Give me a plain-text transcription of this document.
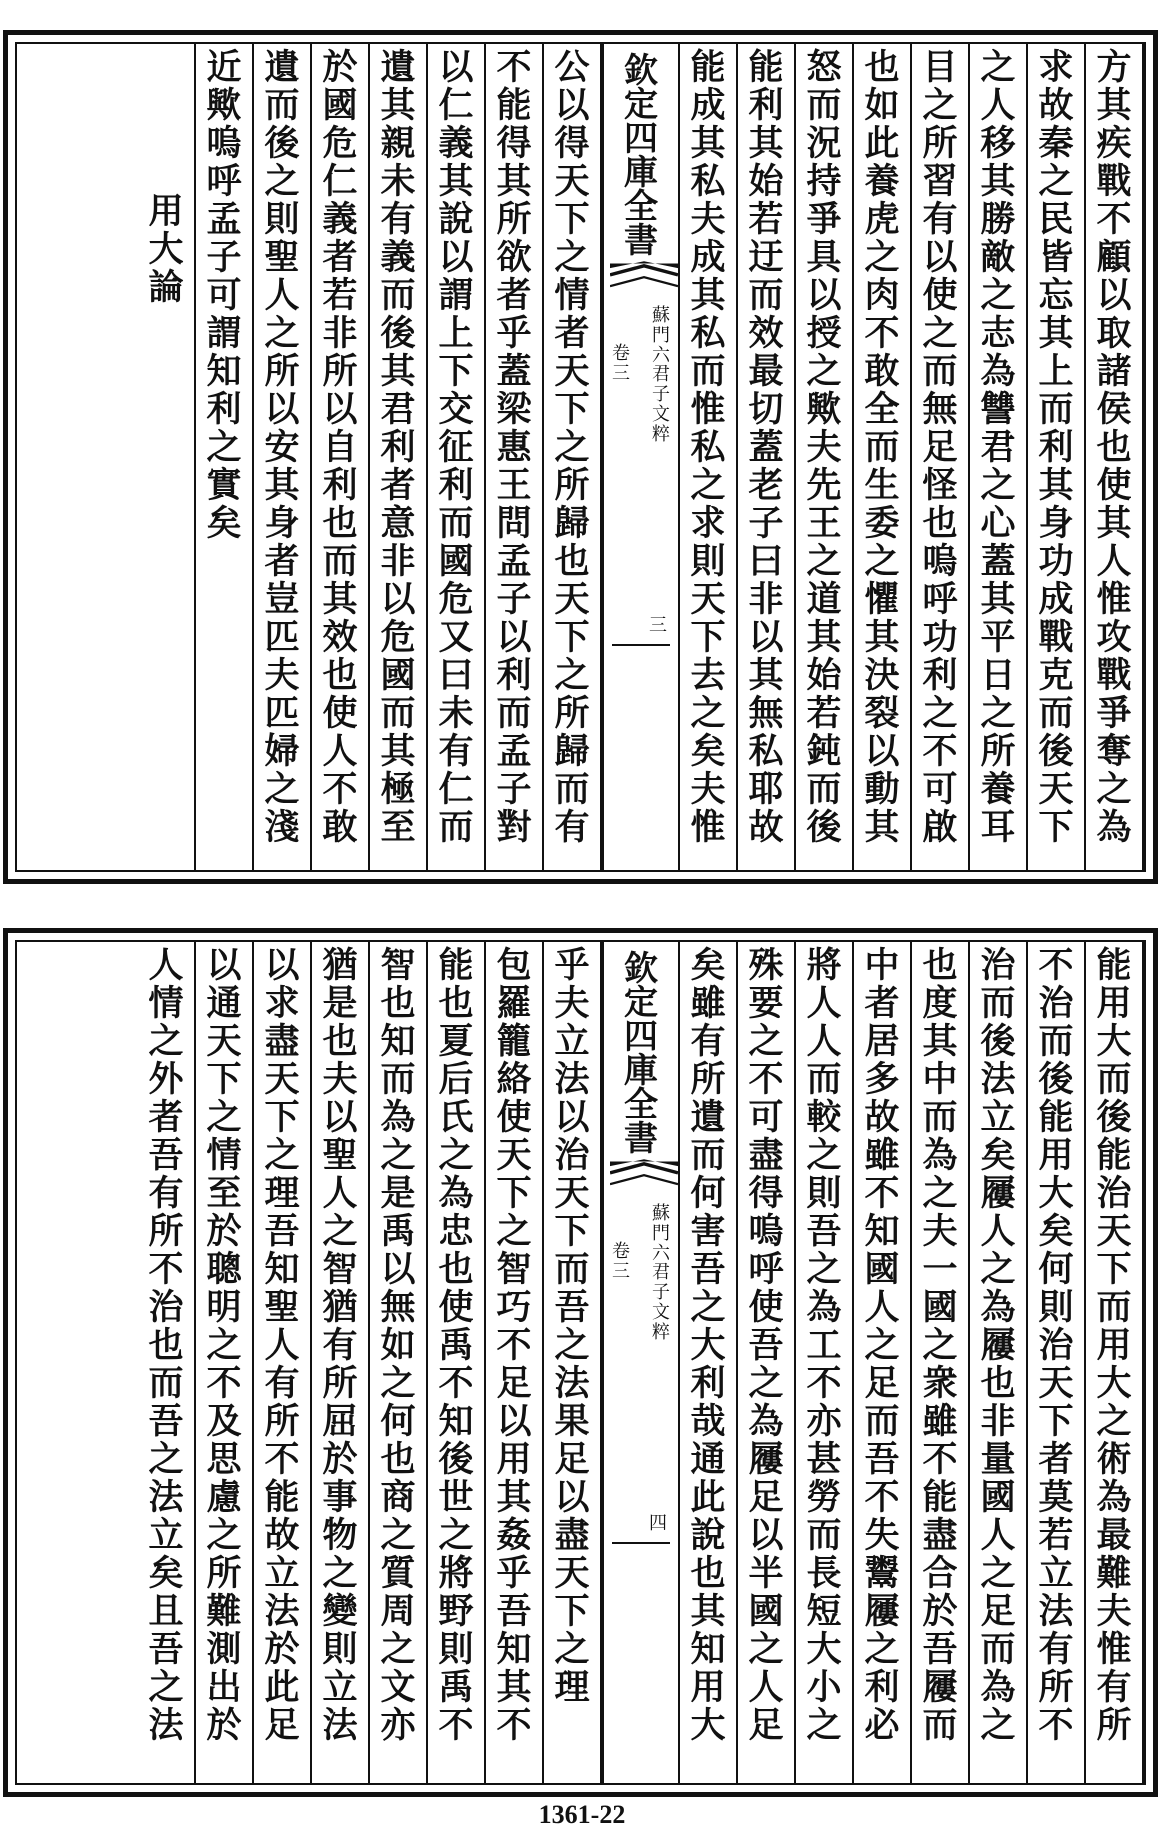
方
其
疾
戰
不
顧
以
取
諸
侯
也
使
其
人
惟
攻
戰
爭
奪
之
為
求
故
秦
之
民
皆
忘
其
上
而
利
其
身
功
成
戰
克
而
後
天
下
之
人
移
其
勝
敵
之
志
為
讐
君
之
心
蓋
其
平
日
之
所
養
耳
目
之
所
習
有
以
使
之
而
無
足
怪
也
嗚
呼
功
利
之
不
可
啟
也
如
此
養
虎
之
肉
不
敢
全
而
生
委
之
懼
其
決
裂
以
動
其
怒
而
況
持
爭
具
以
授
之
歟
夫
先
王
之
道
其
始
若
鈍
而
後
能
利
其
始
若
迂
而
效
最
切
蓋
老
子
曰
非
以
其
無
私
耶
故
能
成
其
私
夫
成
其
私
而
惟
私
之
求
則
天
下
去
之
矣
夫
惟
欽
定
四
庫
全
書
卷
三
蘇
門
六
君
子
文
粹
三
公
以
得
天
下
之
情
者
天
下
之
所
歸
也
天
下
之
所
歸
而
有
不
能
得
其
所
欲
者
乎
蓋
梁
惠
王
問
孟
子
以
利
而
孟
子
對
以
仁
義
其
說
以
謂
上
下
交
征
利
而
國
危
又
曰
未
有
仁
而
遺
其
親
未
有
義
而
後
其
君
利
者
意
非
以
危
國
而
其
極
至
於
國
危
仁
義
者
若
非
所
以
自
利
也
而
其
效
也
使
人
不
敢
遺
而
後
之
則
聖
人
之
所
以
安
其
身
者
豈
匹
夫
匹
婦
之
淺
近
歟
嗚
呼
孟
子
可
謂
知
利
之
實
矣
用
大
論
能
用
大
而
後
能
治
天
下
而
用
大
之
術
為
最
難
夫
惟
有
所
不
治
而
後
能
用
大
矣
何
則
治
天
下
者
莫
若
立
法
有
所
不
治
而
後
法
立
矣
屨
人
之
為
屨
也
非
量
國
人
之
足
而
為
之
也
度
其
中
而
為
之
夫
一
國
之
衆
雖
不
能
盡
合
於
吾
屨
而
中
者
居
多
故
雖
不
知
國
人
之
足
而
吾
不
失
鬻
屨
之
利
必
將
人
人
而
較
之
則
吾
之
為
工
不
亦
甚
勞
而
長
短
大
小
之
殊
要
之
不
可
盡
得
嗚
呼
使
吾
之
為
屨
足
以
半
國
之
人
足
矣
雖
有
所
遺
而
何
害
吾
之
大
利
哉
通
此
說
也
其
知
用
大
欽
定
四
庫
全
書
卷
三
蘇
門
六
君
子
文
粹
四
乎
夫
立
法
以
治
天
下
而
吾
之
法
果
足
以
盡
天
下
之
理
包
羅
籠
絡
使
天
下
之
智
巧
不
足
以
用
其
姦
乎
吾
知
其
不
能
也
夏
后
氏
之
為
忠
也
使
禹
不
知
後
世
之
將
野
則
禹
不
智
也
知
而
為
之
是
禹
以
無
如
之
何
也
商
之
質
周
之
文
亦
猶
是
也
夫
以
聖
人
之
智
猶
有
所
屈
於
事
物
之
變
則
立
法
以
求
盡
天
下
之
理
吾
知
聖
人
有
所
不
能
故
立
法
於
此
足
以
通
天
下
之
情
至
於
聰
明
之
不
及
思
慮
之
所
難
測
出
於
人
情
之
外
者
吾
有
所
不
治
也
而
吾
之
法
立
矣
且
吾
之
法
1361-22
